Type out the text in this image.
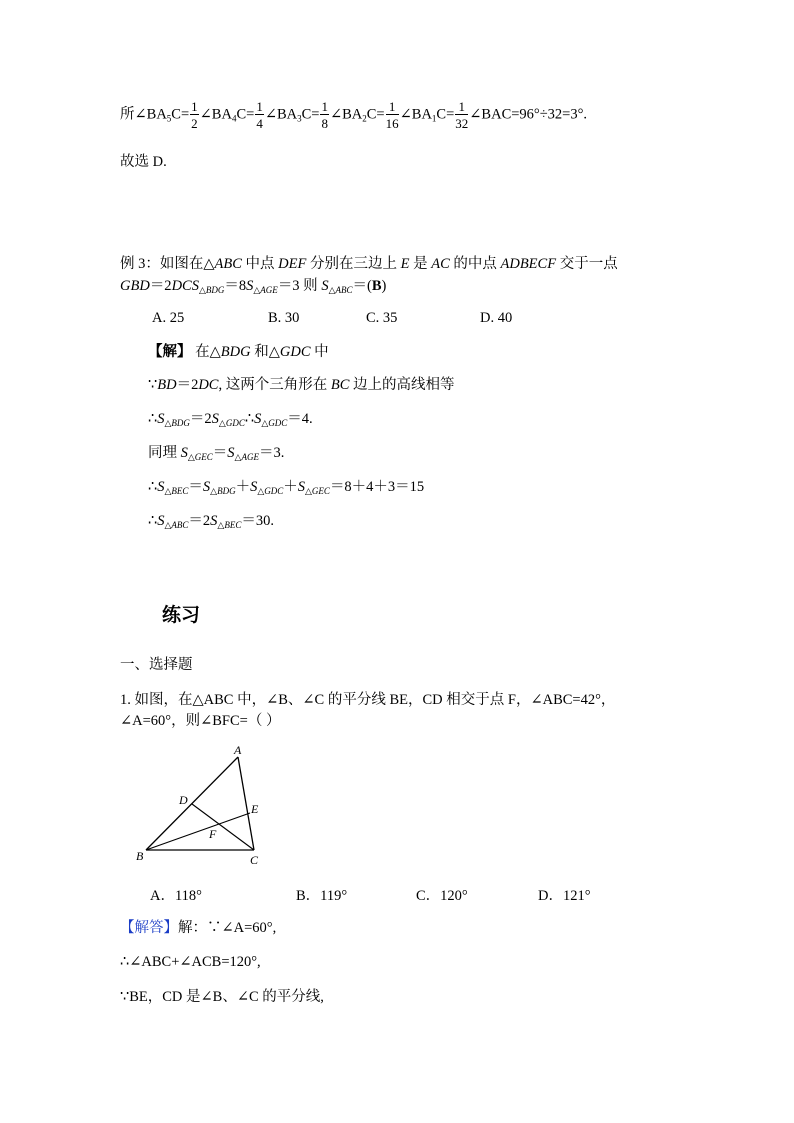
所$\angle BA_5C= \frac{1}{2}$ $\angle BA_4C= \frac{1}{4}$ $\angle BA_3C= \frac{1}{8}$ $\angle BA_2C= \frac{1}{16}$ $\angle BA_1C= \frac{1}{32}$ ∠BAC=96°÷32=3°.
故选 D.
例 3：如图在△ABC 中点 DEF 分别在三边上 E 是 AC 的中点 ADBECF 交于一点
$GBD=2DCS_{\triangle BDG}=8S_{\triangle AGE}=3$ 则 $S_{\triangle ABC}=(B)$
A. 25	B. 30	C. 35	D. 40
【解】 在△BDG 和△GDC 中
∵BD＝2DC, 这两个三角形在 BC 边上的高线相等
$\therefore S_{\triangle BDG}=2S_{\triangle GDC}\therefore S_{\triangle GDC}=4$.
同理 $S_{\triangle GEC}=S_{\triangle AGE}=3$.
$\therefore S_{\triangle BEC}=S_{\triangle BDG}+S_{\triangle GDC}+S_{\triangle GEC}=8+4+3=15$
$\therefore S_{\triangle ABC}=2S_{\triangle BEC}=30$.
练习
一、选择题
1. 如图，在△ABC 中，∠B、∠C 的平分线 BE，CD 相交于点 F，∠ABC=42°，
∠A=60°，则∠BFC=（ ）
A
B	C
D
E
F
A．118°	B．119°	C．120°	D．121°
【解答】解：∵∠A=60°,
∴∠ABC+∠ACB=120°,
∵BE，CD 是∠B、∠C 的平分线,
